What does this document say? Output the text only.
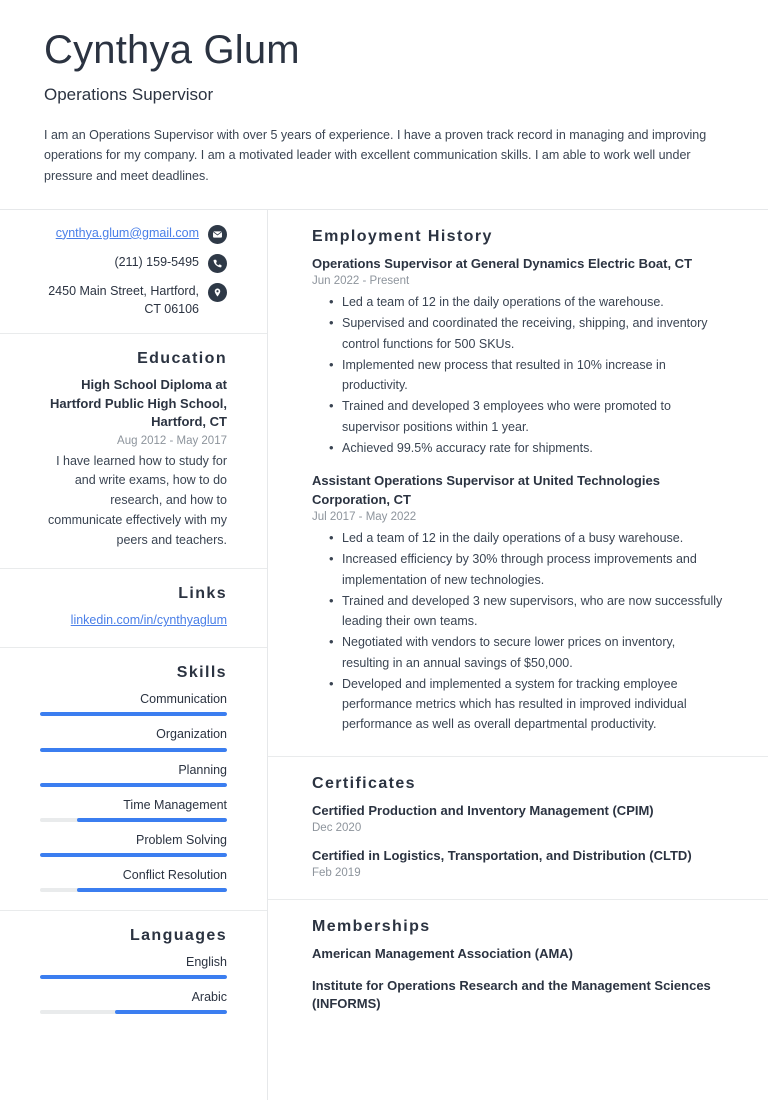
Cynthya Glum
Operations Supervisor
I am an Operations Supervisor with over 5 years of experience. I have a proven track record in managing and improving operations for my company. I am a motivated leader with excellent communication skills. I am able to work well under pressure and meet deadlines.
cynthya.glum@gmail.com
(211) 159-5495
2450 Main Street, Hartford, CT 06106
Education
High School Diploma at Hartford Public High School, Hartford, CT
Aug 2012 - May 2017
I have learned how to study for and write exams, how to do research, and how to communicate effectively with my peers and teachers.
Links
linkedin.com/in/cynthyaglum
Skills
Communication
Organization
Planning
Time Management
Problem Solving
Conflict Resolution
Languages
English
Arabic
Employment History
Operations Supervisor at General Dynamics Electric Boat, CT
Jun 2022 - Present
• Led a team of 12 in the daily operations of the warehouse.
• Supervised and coordinated the receiving, shipping, and inventory control functions for 500 SKUs.
• Implemented new process that resulted in 10% increase in productivity.
• Trained and developed 3 employees who were promoted to supervisor positions within 1 year.
• Achieved 99.5% accuracy rate for shipments.
Assistant Operations Supervisor at United Technologies Corporation, CT
Jul 2017 - May 2022
• Led a team of 12 in the daily operations of a busy warehouse.
• Increased efficiency by 30% through process improvements and implementation of new technologies.
• Trained and developed 3 new supervisors, who are now successfully leading their own teams.
• Negotiated with vendors to secure lower prices on inventory, resulting in an annual savings of $50,000.
• Developed and implemented a system for tracking employee performance metrics which has resulted in improved individual performance as well as overall departmental productivity.
Certificates
Certified Production and Inventory Management (CPIM)
Dec 2020
Certified in Logistics, Transportation, and Distribution (CLTD)
Feb 2019
Memberships
American Management Association (AMA)
Institute for Operations Research and the Management Sciences (INFORMS)
